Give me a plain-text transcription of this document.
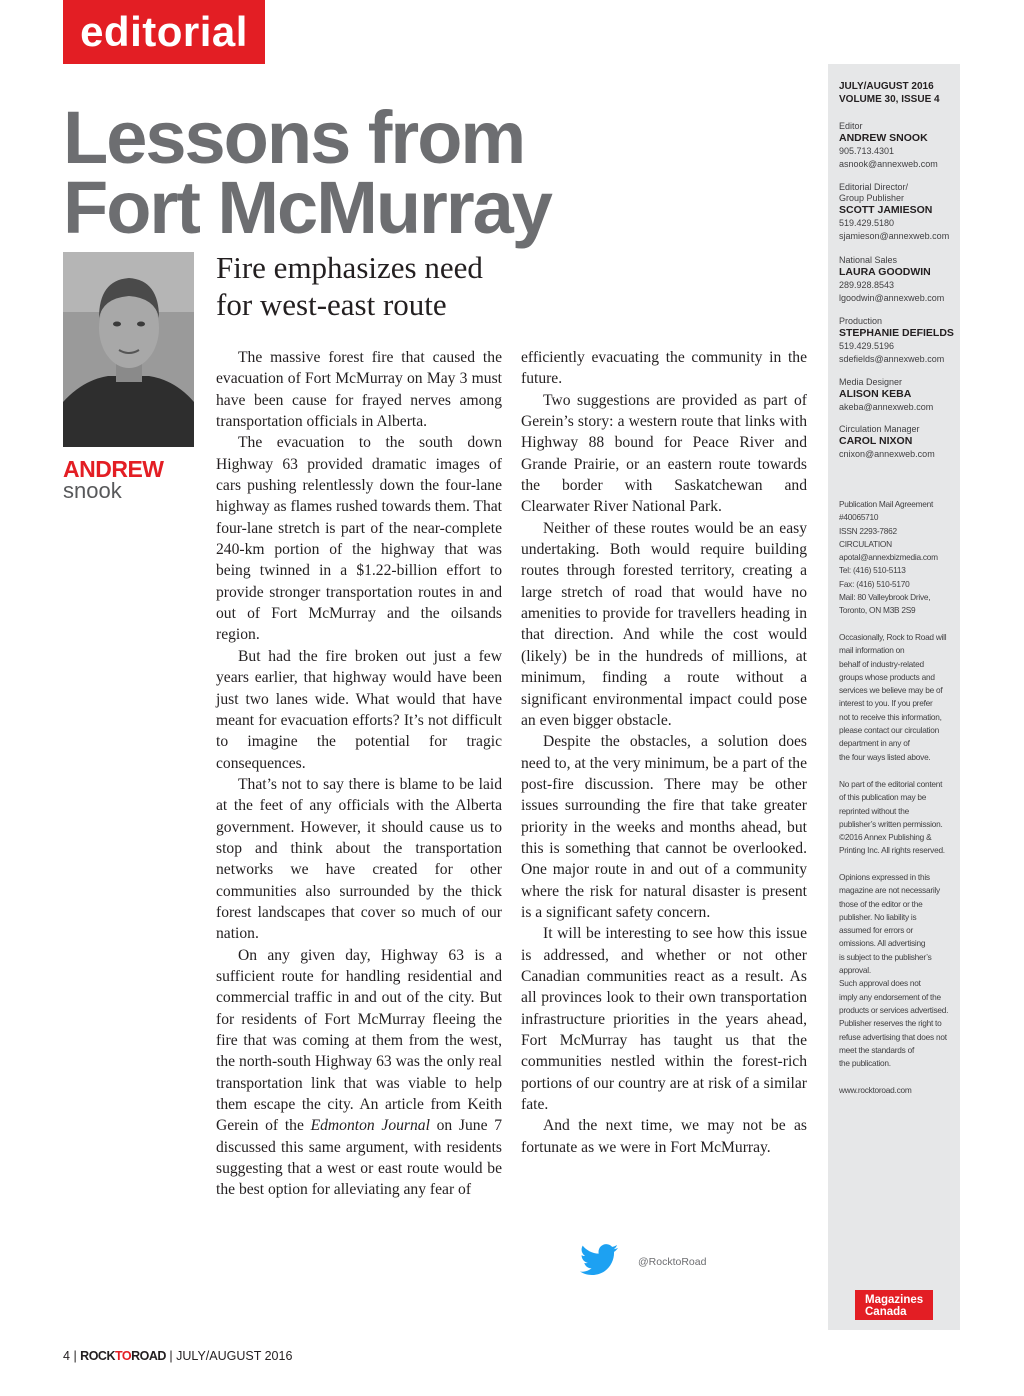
editorial
Lessons from
Fort McMurray
ANDREW
snook
Fire emphasizes need
for west-east route

The massive forest fire that caused the evacuation of Fort McMurray on May 3 must have been cause for frayed nerves among transportation officials in Alberta.

The evacuation to the south down Highway 63 provided dramatic images of cars pushing relentlessly down the four-lane highway as flames rushed towards them. That four-lane stretch is part of the near-complete 240-km portion of the highway that was being twinned in a $1.22-billion effort to provide stronger transportation routes in and out of Fort McMurray and the oilsands region.

But had the fire broken out just a few years earlier, that highway would have been just two lanes wide. What would that have meant for evacuation efforts? It’s not difficult to imagine the potential for tragic consequences.

That’s not to say there is blame to be laid at the feet of any officials with the Alberta government. However, it should cause us to stop and think about the transportation networks we have created for other communities also surrounded by the thick forest landscapes that cover so much of our nation.

On any given day, Highway 63 is a sufficient route for handling residential and commercial traffic in and out of the city. But for residents of Fort McMurray fleeing the fire that was coming at them from the west, the north-south Highway 63 was the only real transportation link that was viable to help them escape the city. An article from Keith Gerein of the Edmonton Journal on June 7 discussed this same argument, with residents suggesting that a west or east route would be the best option for alleviating any fear of

efficiently evacuating the community in the future.

Two suggestions are provided as part of Gerein’s story: a western route that links with Highway 88 bound for Peace River and Grande Prairie, or an eastern route towards the border with Saskatchewan and Clearwater River National Park.

Neither of these routes would be an easy undertaking. Both would require building routes through forested territory, creating a large stretch of road that would have no amenities to provide for travellers heading in that direction. And while the cost would (likely) be in the hundreds of millions, at minimum, finding a route without a significant environmental impact could pose an even bigger obstacle.

Despite the obstacles, a solution does need to, at the very minimum, be a part of the post-fire discussion. There may be other issues surrounding the fire that take greater priority in the weeks and months ahead, but this is something that cannot be overlooked. One major route in and out of a community where the risk for natural disaster is present is a significant safety concern.

It will be interesting to see how this issue is addressed, and whether or not other Canadian communities react as a result. As all provinces look to their own transportation infrastructure priorities in the years ahead, Fort McMurray has taught us that the communities nestled within the forest-rich portions of our country are at risk of a similar fate.

And the next time, we may not be as fortunate as we were in Fort McMurray.

JULY/AUGUST 2016
VOLUME 30, ISSUE 4
Editor
ANDREW SNOOK
905.713.4301
asnook@annexweb.com
Editorial Director/
Group Publisher
SCOTT JAMIESON
519.429.5180
sjamieson@annexweb.com
National Sales
LAURA GOODWIN
289.928.8543
lgoodwin@annexweb.com
Production
STEPHANIE DEFIELDS
519.429.5196
sdefields@annexweb.com
Media Designer
ALISON KEBA
akeba@annexweb.com
Circulation Manager
CAROL NIXON
cnixon@annexweb.com
Publication Mail Agreement
#40065710
ISSN 2293-7862
CIRCULATION
apotal@annexbizmedia.com
Tel: (416) 510-5113
Fax: (416) 510-5170
Mail: 80 Valleybrook Drive,
Toronto, ON M3B 2S9
Occasionally, Rock to Road will
mail information on
behalf of industry-related
groups whose products and
services we believe may be of
interest to you. If you prefer
not to receive this information,
please contact our circulation
department in any of
the four ways listed above.
No part of the editorial content
of this publication may be
reprinted without the
publisher’s written permission.
©2016 Annex Publishing &
Printing Inc. All rights reserved.
Opinions expressed in this
magazine are not necessarily
those of the editor or the
publisher. No liability is
assumed for errors or
omissions. All advertising
is subject to the publisher’s
approval.
Such approval does not
imply any endorsement of the
products or services advertised.
Publisher reserves the right to
refuse advertising that does not
meet the standards of
the publication.
www.rocktoroad.com
@RocktoRoad
Magazines
Canada
4 | ROCKTOROAD | JULY/AUGUST 2016
